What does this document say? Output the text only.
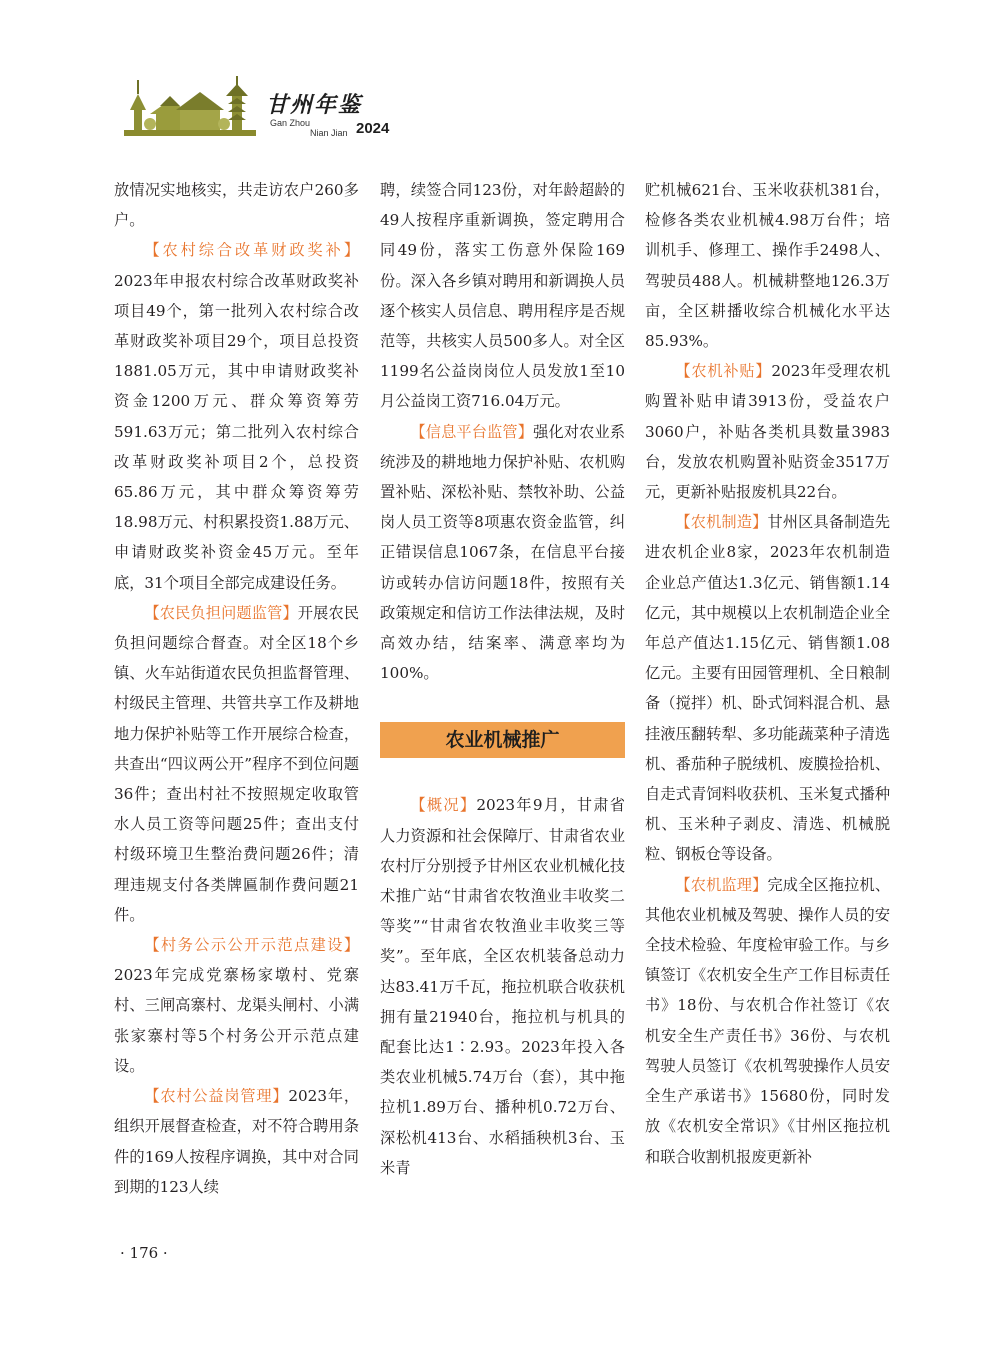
甘州年鉴
Gan Zhou
Nian Jian 2024

放情况实地核实，共走访农户260多户。

【农村综合改革财政奖补】2023年申报农村综合改革财政奖补项目49个，第一批列入农村综合改革财政奖补项目29个，项目总投资1881.05万元，其中申请财政奖补资金1200万元、群众筹资筹劳591.63万元；第二批列入农村综合改革财政奖补项目2个，总投资65.86万元，其中群众筹资筹劳18.98万元、村积累投资1.88万元、申请财政奖补资金45万元。至年底，31个项目全部完成建设任务。

【农民负担问题监管】开展农民负担问题综合督查。对全区18个乡镇、火车站街道农民负担监督管理、村级民主管理、共管共享工作及耕地地力保护补贴等工作开展综合检查，共查出“四议两公开”程序不到位问题36件；查出村社不按照规定收取管水人员工资等问题25件；查出支付村级环境卫生整治费问题26件；清理违规支付各类牌匾制作费问题21件。

【村务公示公开示范点建设】2023年完成党寨杨家墩村、党寨村、三闸高寨村、龙渠头闸村、小满张家寨村等5个村务公开示范点建设。

【农村公益岗管理】2023年，组织开展督查检查，对不符合聘用条件的169人按程序调换，其中对合同到期的123人续

聘，续签合同123份，对年龄超龄的49人按程序重新调换，签定聘用合同49份，落实工伤意外保险169份。深入各乡镇对聘用和新调换人员逐个核实人员信息、聘用程序是否规范等，共核实人员500多人。对全区1199名公益岗岗位人员发放1至10月公益岗工资716.04万元。

【信息平台监管】强化对农业系统涉及的耕地地力保护补贴、农机购置补贴、深松补贴、禁牧补助、公益岗人员工资等8项惠农资金监管，纠正错误信息1067条，在信息平台接访或转办信访问题18件，按照有关政策规定和信访工作法律法规，及时高效办结，结案率、满意率均为100%。

农业机械推广

【概况】2023年9月，甘肃省人力资源和社会保障厅、甘肃省农业农村厅分别授予甘州区农业机械化技术推广站“甘肃省农牧渔业丰收奖二等奖”“甘肃省农牧渔业丰收奖三等奖”。至年底，全区农机装备总动力达83.41万千瓦，拖拉机联合收获机拥有量21940台，拖拉机与机具的配套比达1∶2.93。2023年投入各类农业机械5.74万台（套），其中拖拉机1.89万台、播种机0.72万台、深松机413台、水稻插秧机3台、玉米青

贮机械621台、玉米收获机381台，检修各类农业机械4.98万台件；培训机手、修理工、操作手2498人、驾驶员488人。机械耕整地126.3万亩，全区耕播收综合机械化水平达85.93%。

【农机补贴】2023年受理农机购置补贴申请3913份，受益农户3060户，补贴各类机具数量3983台，发放农机购置补贴资金3517万元，更新补贴报废机具22台。

【农机制造】甘州区具备制造先进农机企业8家，2023年农机制造企业总产值达1.3亿元、销售额1.14亿元，其中规模以上农机制造企业全年总产值达1.15亿元、销售额1.08亿元。主要有田园管理机、全日粮制备（搅拌）机、卧式饲料混合机、悬挂液压翻转犁、多功能蔬菜种子清选机、番茄种子脱绒机、废膜捡拾机、自走式青饲料收获机、玉米复式播种机、玉米种子剥皮、清选、机械脱粒、钢板仓等设备。

【农机监理】完成全区拖拉机、其他农业机械及驾驶、操作人员的安全技术检验、年度检审验工作。与乡镇签订《农机安全生产工作目标责任书》18份、与农机合作社签订《农机安全生产责任书》36份、与农机驾驶人员签订《农机驾驶操作人员安全生产承诺书》15680份，同时发放《农机安全常识》《甘州区拖拉机和联合收割机报废更新补

· 176 ·
